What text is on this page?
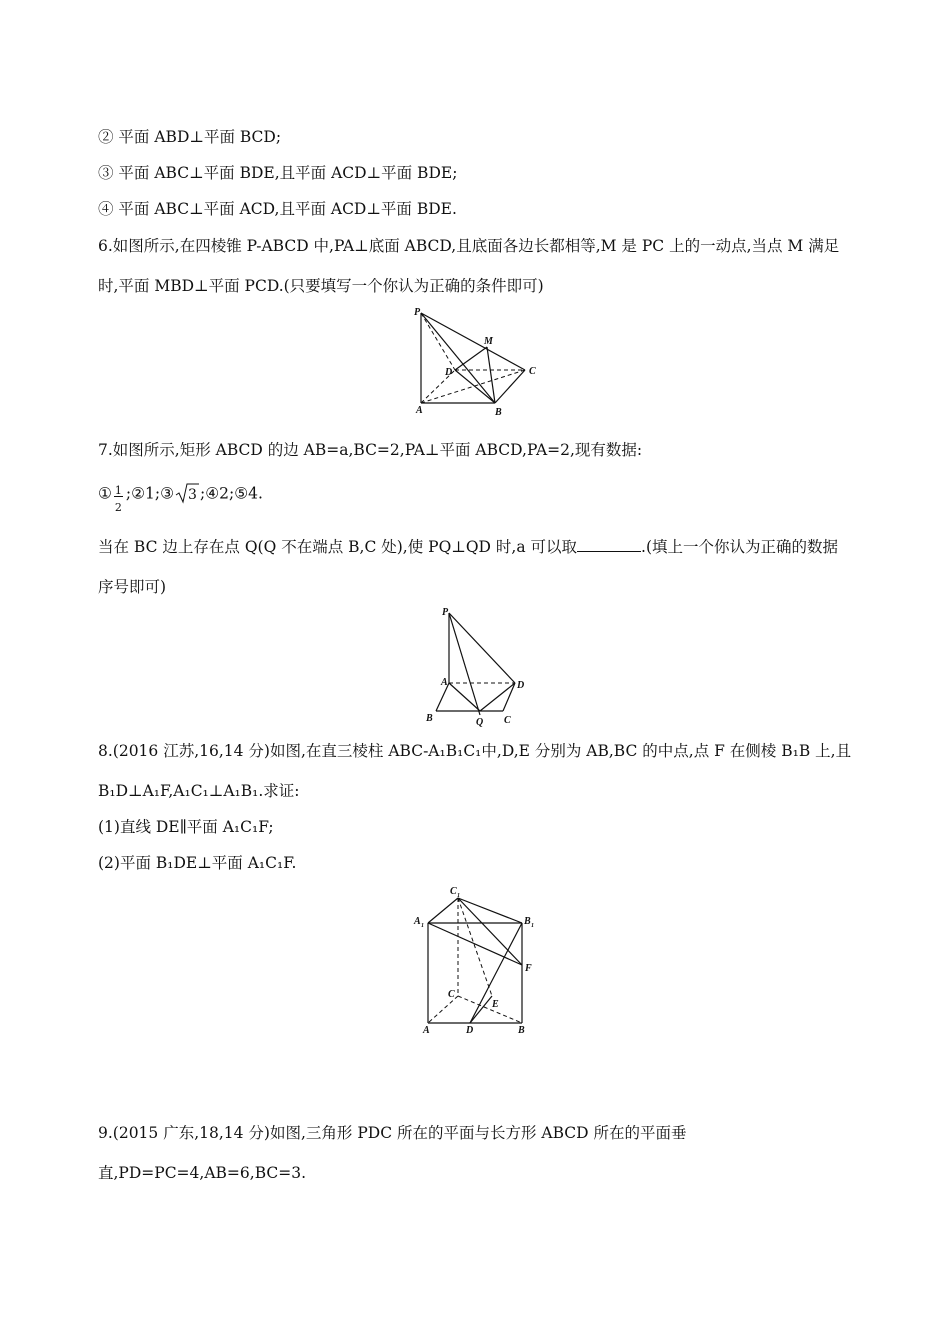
② 平面 ABD⊥平面 BCD;
③ 平面 ABC⊥平面 BDE,且平面 ACD⊥平面 BDE;
④ 平面 ABC⊥平面 ACD,且平面 ACD⊥平面 BDE.
6.如图所示,在四棱锥 P-ABCD 中,PA⊥底面 ABCD,且底面各边长都相等,M 是 PC 上的一动点,当点 M 满足
时,平面 MBD⊥平面 PCD.(只要填写一个你认为正确的条件即可)
P
M
D	C
A	B
7.如图所示,矩形 ABCD 的边 AB=a,BC=2,PA⊥平面 ABCD,PA=2,现有数据:
① $\frac{1}{2}$ ;②1;③ 3 ;④2;⑤4.
当在 BC 边上存在点 Q(Q 不在端点 B,C 处),使 PQ⊥QD 时,a 可以取	.(填上一个你认为正确的数据
序号即可)
P
A	D
B	Q C
8.(2016 江苏,16,14 分)如图,在直三棱柱 ABC-A₁B₁C₁中,D,E 分别为 AB,BC 的中点,点 F 在侧棱 B₁B 上,且
B₁D⊥A₁F,A₁C₁⊥A₁B₁.求证:
(1)直线 DE∥平面 A₁C₁F;
(2)平面 B₁DE⊥平面 A₁C₁F.
C 1
A 1	B 1
F
C
E
A	D	B
9.(2015 广东,18,14 分)如图,三角形 PDC 所在的平面与长方形 ABCD 所在的平面垂
直,PD=PC=4,AB=6,BC=3.
